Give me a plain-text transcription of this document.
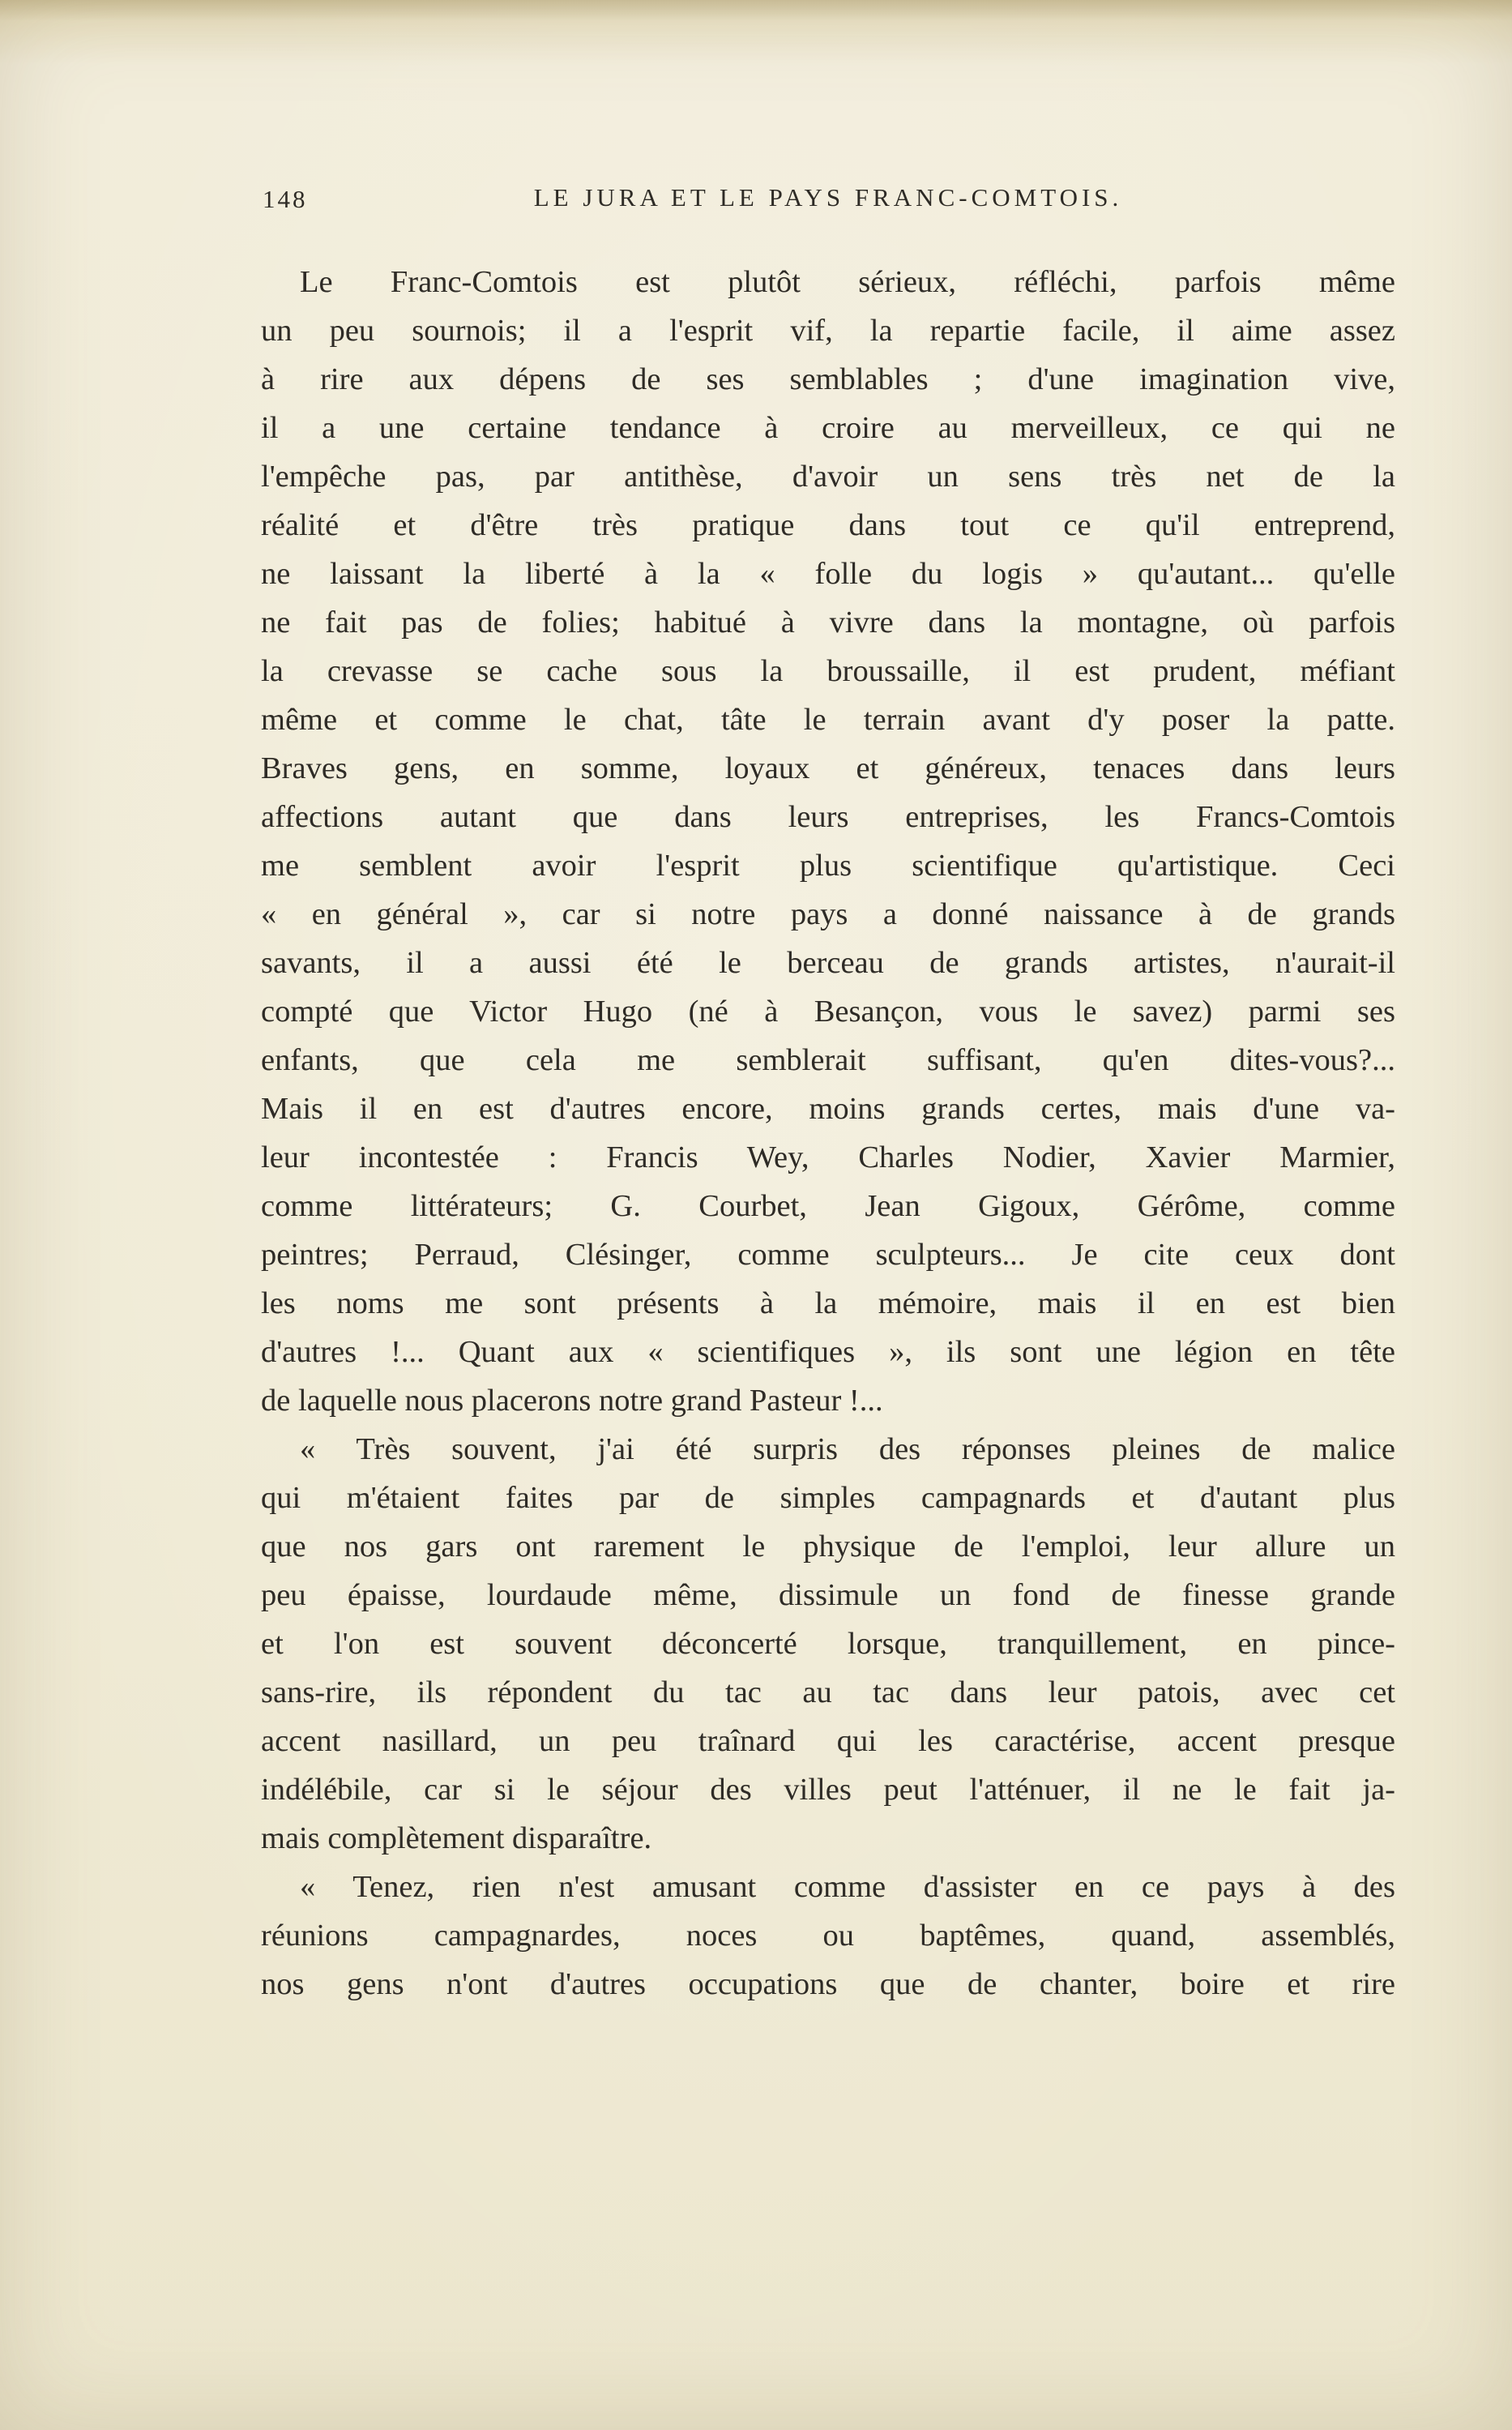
148	LE JURA ET LE PAYS FRANC-COMTOIS.
Le Franc-Comtois est plutôt sérieux, réfléchi, parfois même
un peu sournois; il a l'esprit vif, la repartie facile, il aime assez
à rire aux dépens de ses semblables ; d'une imagination vive,
il a une certaine tendance à croire au merveilleux, ce qui ne
l'empêche pas, par antithèse, d'avoir un sens très net de la
réalité et d'être très pratique dans tout ce qu'il entreprend,
ne laissant la liberté à la « folle du logis » qu'autant... qu'elle
ne fait pas de folies; habitué à vivre dans la montagne, où parfois
la crevasse se cache sous la broussaille, il est prudent, méfiant
même et comme le chat, tâte le terrain avant d'y poser la patte.
Braves gens, en somme, loyaux et généreux, tenaces dans leurs
affections autant que dans leurs entreprises, les Francs-Comtois
me semblent avoir l'esprit plus scientifique qu'artistique. Ceci
« en général », car si notre pays a donné naissance à de grands
savants, il a aussi été le berceau de grands artistes, n'aurait-il
compté que Victor Hugo (né à Besançon, vous le savez) parmi ses
enfants, que cela me semblerait suffisant, qu'en dites-vous?...
Mais il en est d'autres encore, moins grands certes, mais d'une va-
leur incontestée : Francis Wey, Charles Nodier, Xavier Marmier,
comme littérateurs; G. Courbet, Jean Gigoux, Gérôme, comme
peintres; Perraud, Clésinger, comme sculpteurs... Je cite ceux dont
les noms me sont présents à la mémoire, mais il en est bien
d'autres !... Quant aux « scientifiques », ils sont une légion en tête
de laquelle nous placerons notre grand Pasteur !...
« Très souvent, j'ai été surpris des réponses pleines de malice
qui m'étaient faites par de simples campagnards et d'autant plus
que nos gars ont rarement le physique de l'emploi, leur allure un
peu épaisse, lourdaude même, dissimule un fond de finesse grande
et l'on est souvent déconcerté lorsque, tranquillement, en pince-
sans-rire, ils répondent du tac au tac dans leur patois, avec cet
accent nasillard, un peu traînard qui les caractérise, accent presque
indélébile, car si le séjour des villes peut l'atténuer, il ne le fait ja-
mais complètement disparaître.
« Tenez, rien n'est amusant comme d'assister en ce pays à des
réunions campagnardes, noces ou baptêmes, quand, assemblés,
nos gens n'ont d'autres occupations que de chanter, boire et rire
